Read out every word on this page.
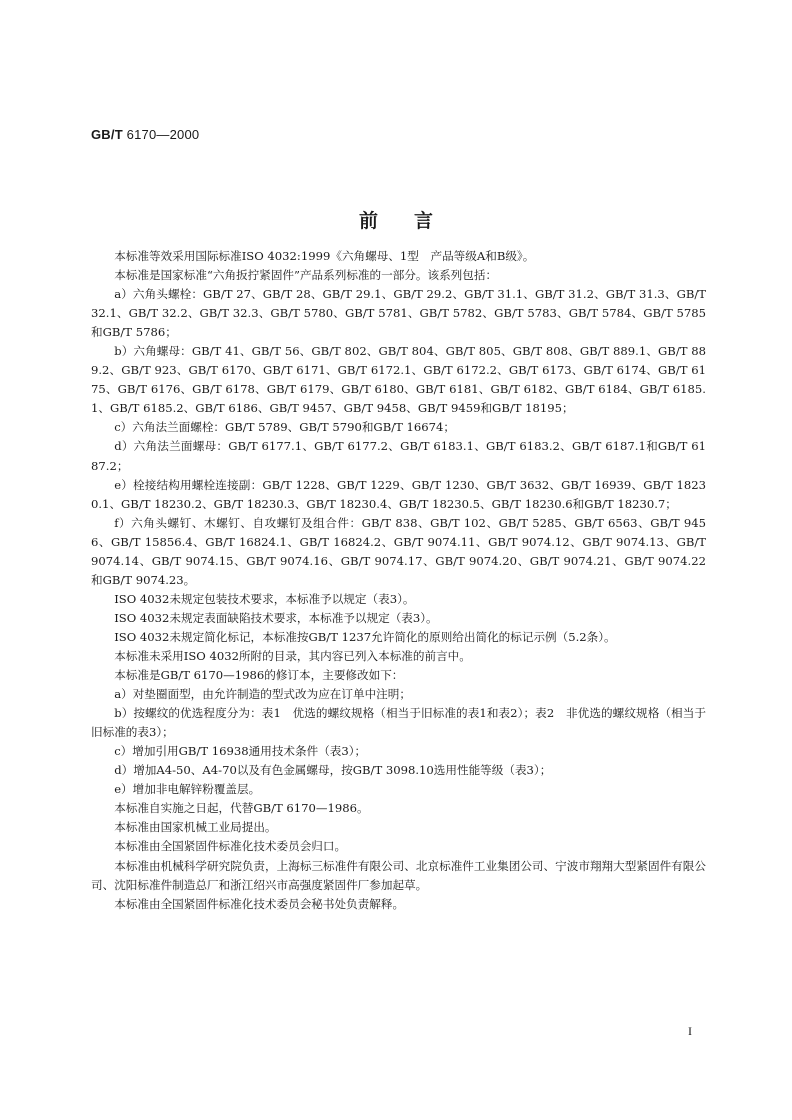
GB/T 6170—2000
前言

本标准等效采用国际标准ISO 4032:1999《六角螺母、1型　产品等级A和B级》。

本标准是国家标准“六角扳拧紧固件”产品系列标准的一部分。该系列包括：

a）六角头螺栓：GB/T 27、GB/T 28、GB/T 29.1、GB/T 29.2、GB/T 31.1、GB/T 31.2、GB/T 31.3、GB/T 32.1、GB/T 32.2、GB/T 32.3、GB/T 5780、GB/T 5781、GB/T 5782、GB/T 5783、GB/T 5784、GB/T 5785和GB/T 5786；

b）六角螺母：GB/T 41、GB/T 56、GB/T 802、GB/T 804、GB/T 805、GB/T 808、GB/T 889.1、GB/T 889.2、GB/T 923、GB/T 6170、GB/T 6171、GB/T 6172.1、GB/T 6172.2、GB/T 6173、GB/T 6174、GB/T 6175、GB/T 6176、GB/T 6178、GB/T 6179、GB/T 6180、GB/T 6181、GB/T 6182、GB/T 6184、GB/T 6185.1、GB/T 6185.2、GB/T 6186、GB/T 9457、GB/T 9458、GB/T 9459和GB/T 18195；

c）六角法兰面螺栓：GB/T 5789、GB/T 5790和GB/T 16674；

d）六角法兰面螺母：GB/T 6177.1、GB/T 6177.2、GB/T 6183.1、GB/T 6183.2、GB/T 6187.1和GB/T 6187.2；

e）栓接结构用螺栓连接副：GB/T 1228、GB/T 1229、GB/T 1230、GB/T 3632、GB/T 16939、GB/T 18230.1、GB/T 18230.2、GB/T 18230.3、GB/T 18230.4、GB/T 18230.5、GB/T 18230.6和GB/T 18230.7；

f）六角头螺钉、木螺钉、自攻螺钉及组合件：GB/T 838、GB/T 102、GB/T 5285、GB/T 6563、GB/T 9456、GB/T 15856.4、GB/T 16824.1、GB/T 16824.2、GB/T 9074.11、GB/T 9074.12、GB/T 9074.13、GB/T 9074.14、GB/T 9074.15、GB/T 9074.16、GB/T 9074.17、GB/T 9074.20、GB/T 9074.21、GB/T 9074.22和GB/T 9074.23。

ISO 4032未规定包装技术要求，本标准予以规定（表3）。

ISO 4032未规定表面缺陷技术要求，本标准予以规定（表3）。

ISO 4032未规定简化标记，本标准按GB/T 1237允许简化的原则给出简化的标记示例（5.2条）。

本标准未采用ISO 4032所附的目录，其内容已列入本标准的前言中。

本标准是GB/T 6170—1986的修订本，主要修改如下：

a）对垫圈面型，由允许制造的型式改为应在订单中注明；

b）按螺纹的优选程度分为：表1　优选的螺纹规格（相当于旧标准的表1和表2）；表2　非优选的螺纹规格（相当于旧标准的表3）；

c）增加引用GB/T 16938通用技术条件（表3）；

d）增加A4-50、A4-70以及有色金属螺母，按GB/T 3098.10选用性能等级（表3）；

e）增加非电解锌粉覆盖层。

本标准自实施之日起，代替GB/T 6170—1986。

本标准由国家机械工业局提出。

本标准由全国紧固件标准化技术委员会归口。

本标准由机械科学研究院负责，上海标三标准件有限公司、北京标准件工业集团公司、宁波市翔翔大型紧固件有限公司、沈阳标准件制造总厂和浙江绍兴市高强度紧固件厂参加起草。

本标准由全国紧固件标准化技术委员会秘书处负责解释。

I
